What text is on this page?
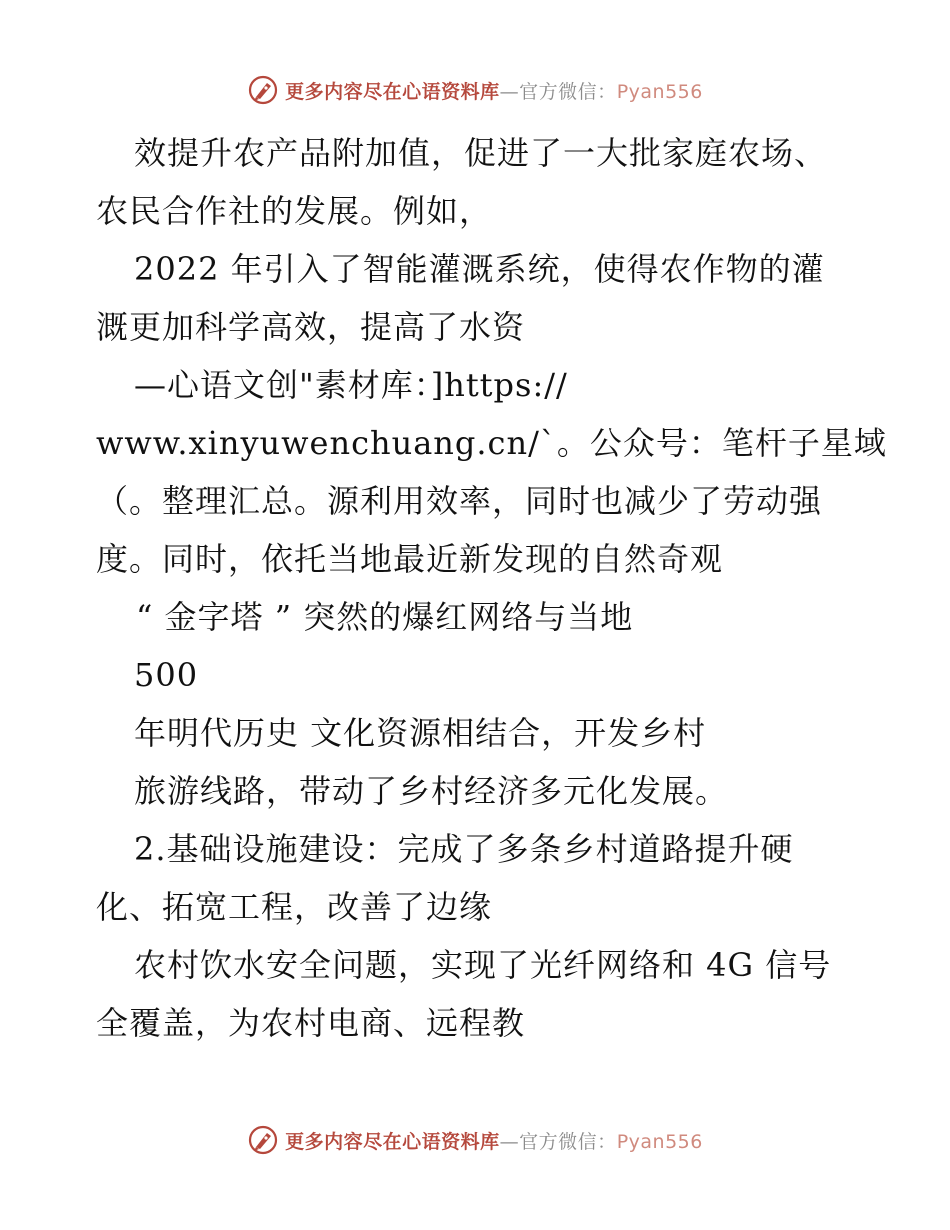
更多内容尽在心语资料库—官方微信：Pyan556
效提升农产品附加值，促进了一大批家庭农场、
农民合作社的发展。例如，
2022 年引入了智能灌溉系统，使得农作物的灌
溉更加科学高效，提高了水资
—心语文创"素材库：]https://
www.xinyuwenchuang.cn/`。公众号：笔杆子星域
（。整理汇总。源利用效率，同时也减少了劳动强
度。同时，依托当地最近新发现的自然奇观
“ 金字塔 ” 突然的爆红网络与当地
500
年明代历史 文化资源相结合，开发乡村
旅游线路，带动了乡村经济多元化发展。
2.基础设施建设：完成了多条乡村道路提升硬
化、拓宽工程，改善了边缘
农村饮水安全问题，实现了光纤网络和 4G 信号
全覆盖，为农村电商、远程教
更多内容尽在心语资料库—官方微信：Pyan556
